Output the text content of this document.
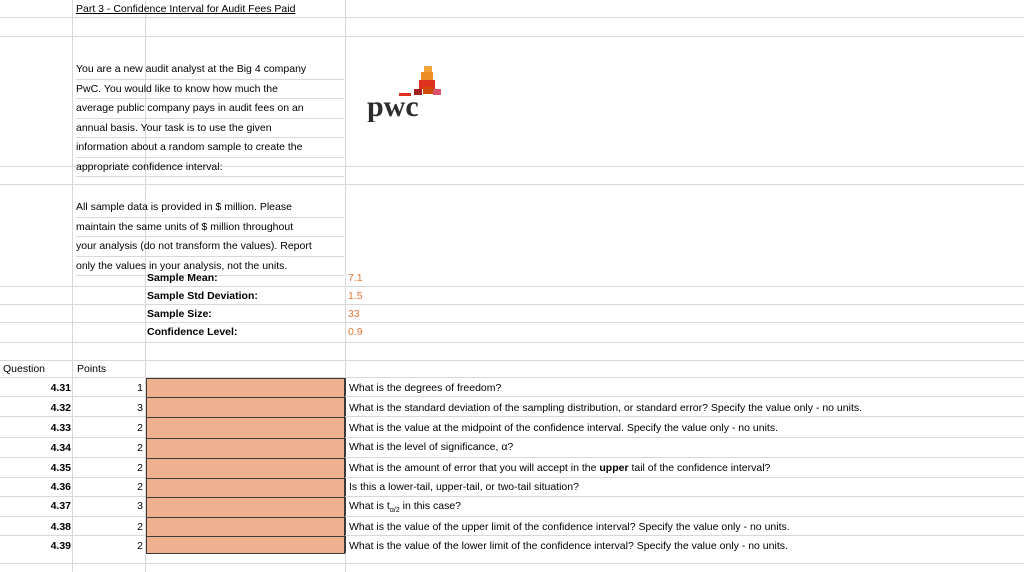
Part 3 - Confidence Interval for Audit Fees Paid
You are a new audit analyst at the Big 4 company
PwC. You would like to know how much the
average public company pays in audit fees on an
annual basis. Your task is to use the given
information about a random sample to create the
appropriate confidence interval:
pwc
All sample data is provided in $ million. Please
maintain the same units of $ million throughout
your analysis (do not transform the values). Report
only the values in your analysis, not the units.
Sample Mean:	7.1
Sample Std Deviation:	1.5
Sample Size:	33
Confidence Level:	0.9
Question	Points
4.31	1	What is the degrees of freedom?
4.32	3	What is the standard deviation of the sampling distribution, or standard error? Specify the value only - no units.
4.33	2	What is the value at the midpoint of the confidence interval. Specify the value only - no units.
4.34	2	What is the level of significance, α?
4.35	2	What is the amount of error that you will accept in the upper tail of the confidence interval?
4.36	2	Is this a lower-tail, upper-tail, or two-tail situation?
4.37	3	What is $t_{\alpha/2}$ in this case?
4.38	2	What is the value of the upper limit of the confidence interval? Specify the value only - no units.
4.39	2	What is the value of the lower limit of the confidence interval? Specify the value only - no units.
